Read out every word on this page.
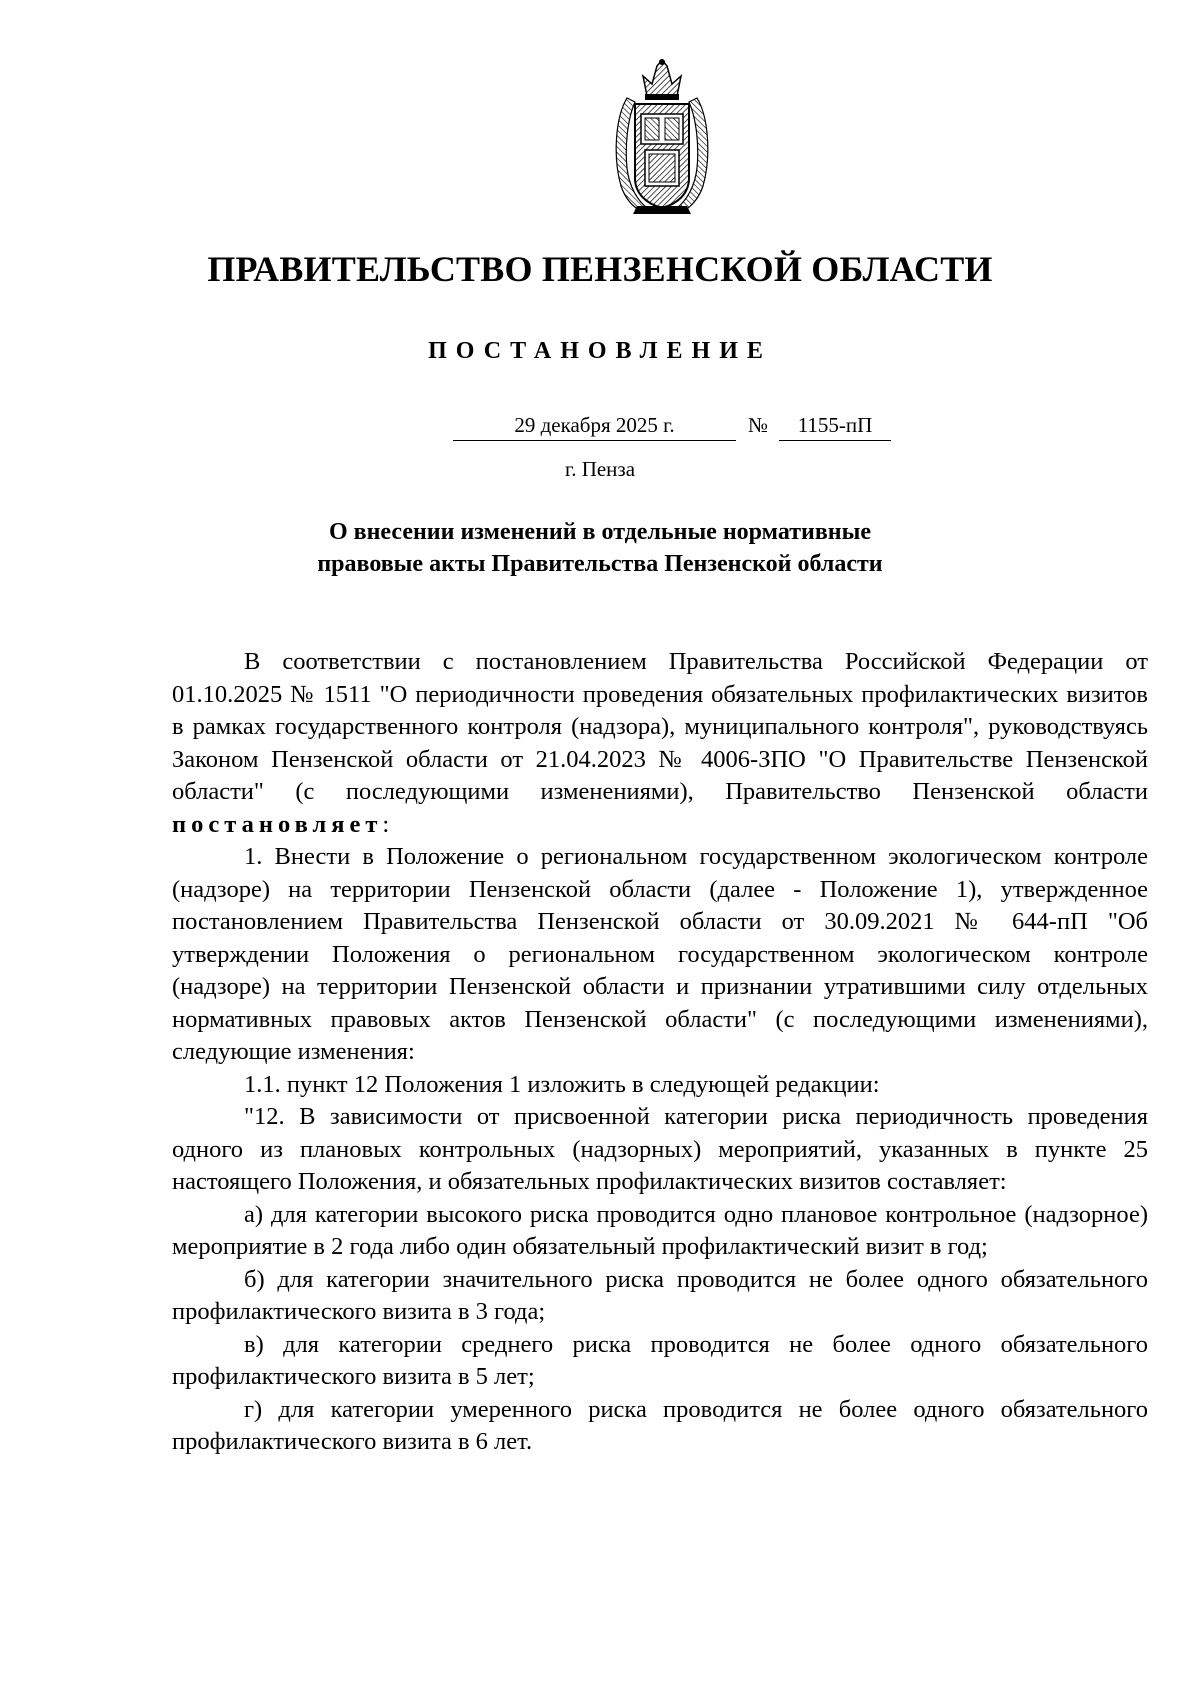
ПРАВИТЕЛЬСТВО ПЕНЗЕНСКОЙ ОБЛАСТИ
ПОСТАНОВЛЕНИЕ
29 декабря 2025 г.	№	1155-пП
г. Пенза
О внесении изменений в отдельные нормативные
правовые акты Правительства Пензенской области

В соответствии с постановлением Правительства Российской Федерации от 01.10.2025 № 1511 "О периодичности проведения обязательных профилактических визитов в рамках государственного контроля (надзора), муниципального контроля", руководствуясь Законом Пензенской области от 21.04.2023 № 4006-ЗПО "О Правительстве Пензенской области" (с последующими изменениями), Правительство Пензенской области постановляет:

1. Внести в Положение о региональном государственном экологическом контроле (надзоре) на территории Пензенской области (далее - Положение 1), утвержденное постановлением Правительства Пензенской области от 30.09.2021 № 644-пП "Об утверждении Положения о региональном государственном экологическом контроле (надзоре) на территории Пензенской области и признании утратившими силу отдельных нормативных правовых актов Пензенской области" (с последующими изменениями), следующие изменения:

1.1. пункт 12 Положения 1 изложить в следующей редакции:

"12. В зависимости от присвоенной категории риска периодичность проведения одного из плановых контрольных (надзорных) мероприятий, указанных в пункте 25 настоящего Положения, и обязательных профилактических визитов составляет:

а) для категории высокого риска проводится одно плановое контрольное (надзорное) мероприятие в 2 года либо один обязательный профилактический визит в год;

б) для категории значительного риска проводится не более одного обязательного профилактического визита в 3 года;

в) для категории среднего риска проводится не более одного обязательного профилактического визита в 5 лет;

г) для категории умеренного риска проводится не более одного обязательного профилактического визита в 6 лет.
